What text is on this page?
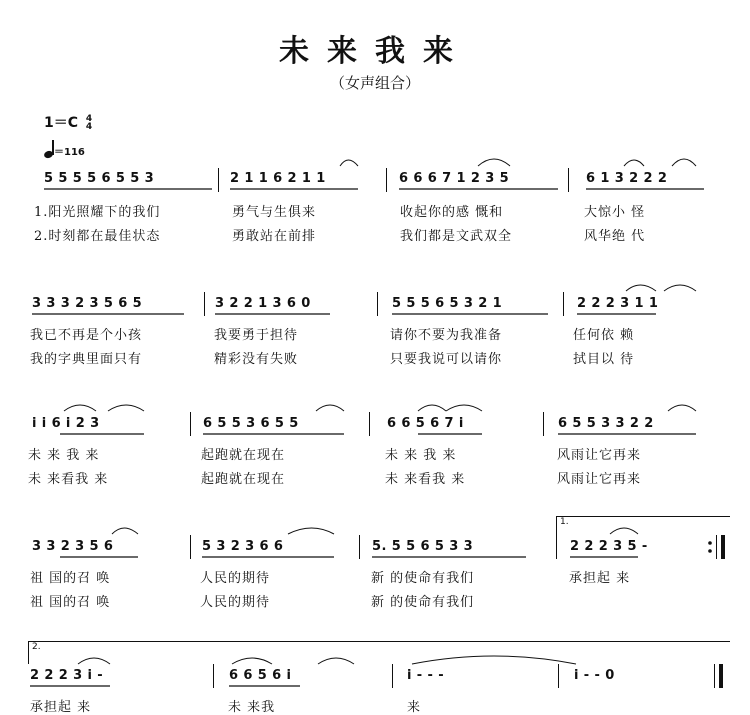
未来我来
（女声组合）
1＝C 4
4
＝116
5 5 5 5 6 5 5 3	2 1 1 6 2 1 1	6 6 6 7 1 2 3 5	6 1 3 2 2 2
1.阳光照耀下的我们	勇气与生俱来	收起你的感 慨和	大惊小 怪
2.时刻都在最佳状态	勇敢站在前排	我们都是文武双全	风华绝 代
3 3 3 2 3 5 6 5	3 2 2 1 3 6 0	5 5 5 6 5 3 2 1	2 2 2 3 1 1
我已不再是个小孩	我要勇于担待	请你不要为我准备	任何依 赖
我的字典里面只有	精彩没有失败	只要我说可以请你	拭目以 待
i i 6 i 2 3	6 5 5 3 6 5 5	6 6 5 6 7 i	6 5 5 3 3 2 2
未 来 我 来	起跑就在现在	未 来 我 来	风雨让它再来
未 来看我 来	起跑就在现在	未 来看我 来	风雨让它再来
1.
3 3 2 3 5 6	5 3 2 3 6 6	5. 5 5 6 5 3 3	2 2 2 3 5 -
祖 国的召 唤	人民的期待	新 的使命有我们	承担起 来
祖 国的召 唤	人民的期待	新 的使命有我们
2.
2 2 2 3 i -	6 6 5 6 i	i - - -	i - - 0
承担起 来	未 来我	来
